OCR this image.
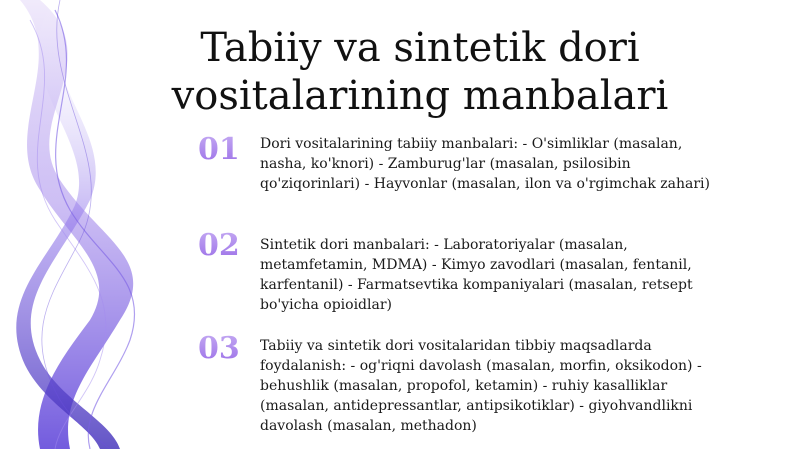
Tabiiy va sintetik dori vositalarining manbalari
01	Dori vositalarining tabiiy manbalari: - O'simliklar (masalan, nasha, ko'knori) - Zamburug'lar (masalan, psilosibin qo'ziqorinlari) - Hayvonlar (masalan, ilon va o'rgimchak zahari)
02	Sintetik dori manbalari: - Laboratoriyalar (masalan, metamfetamin, MDMA) - Kimyo zavodlari (masalan, fentanil, karfentanil) - Farmatsevtika kompaniyalari (masalan, retsept bo'yicha opioidlar)
03	Tabiiy va sintetik dori vositalaridan tibbiy maqsadlarda foydalanish: - og'riqni davolash (masalan, morfin, oksikodon) - behushlik (masalan, propofol, ketamin) - ruhiy kasalliklar (masalan, antidepressantlar, antipsikotiklar) - giyohvandlikni davolash (masalan, methadon)
